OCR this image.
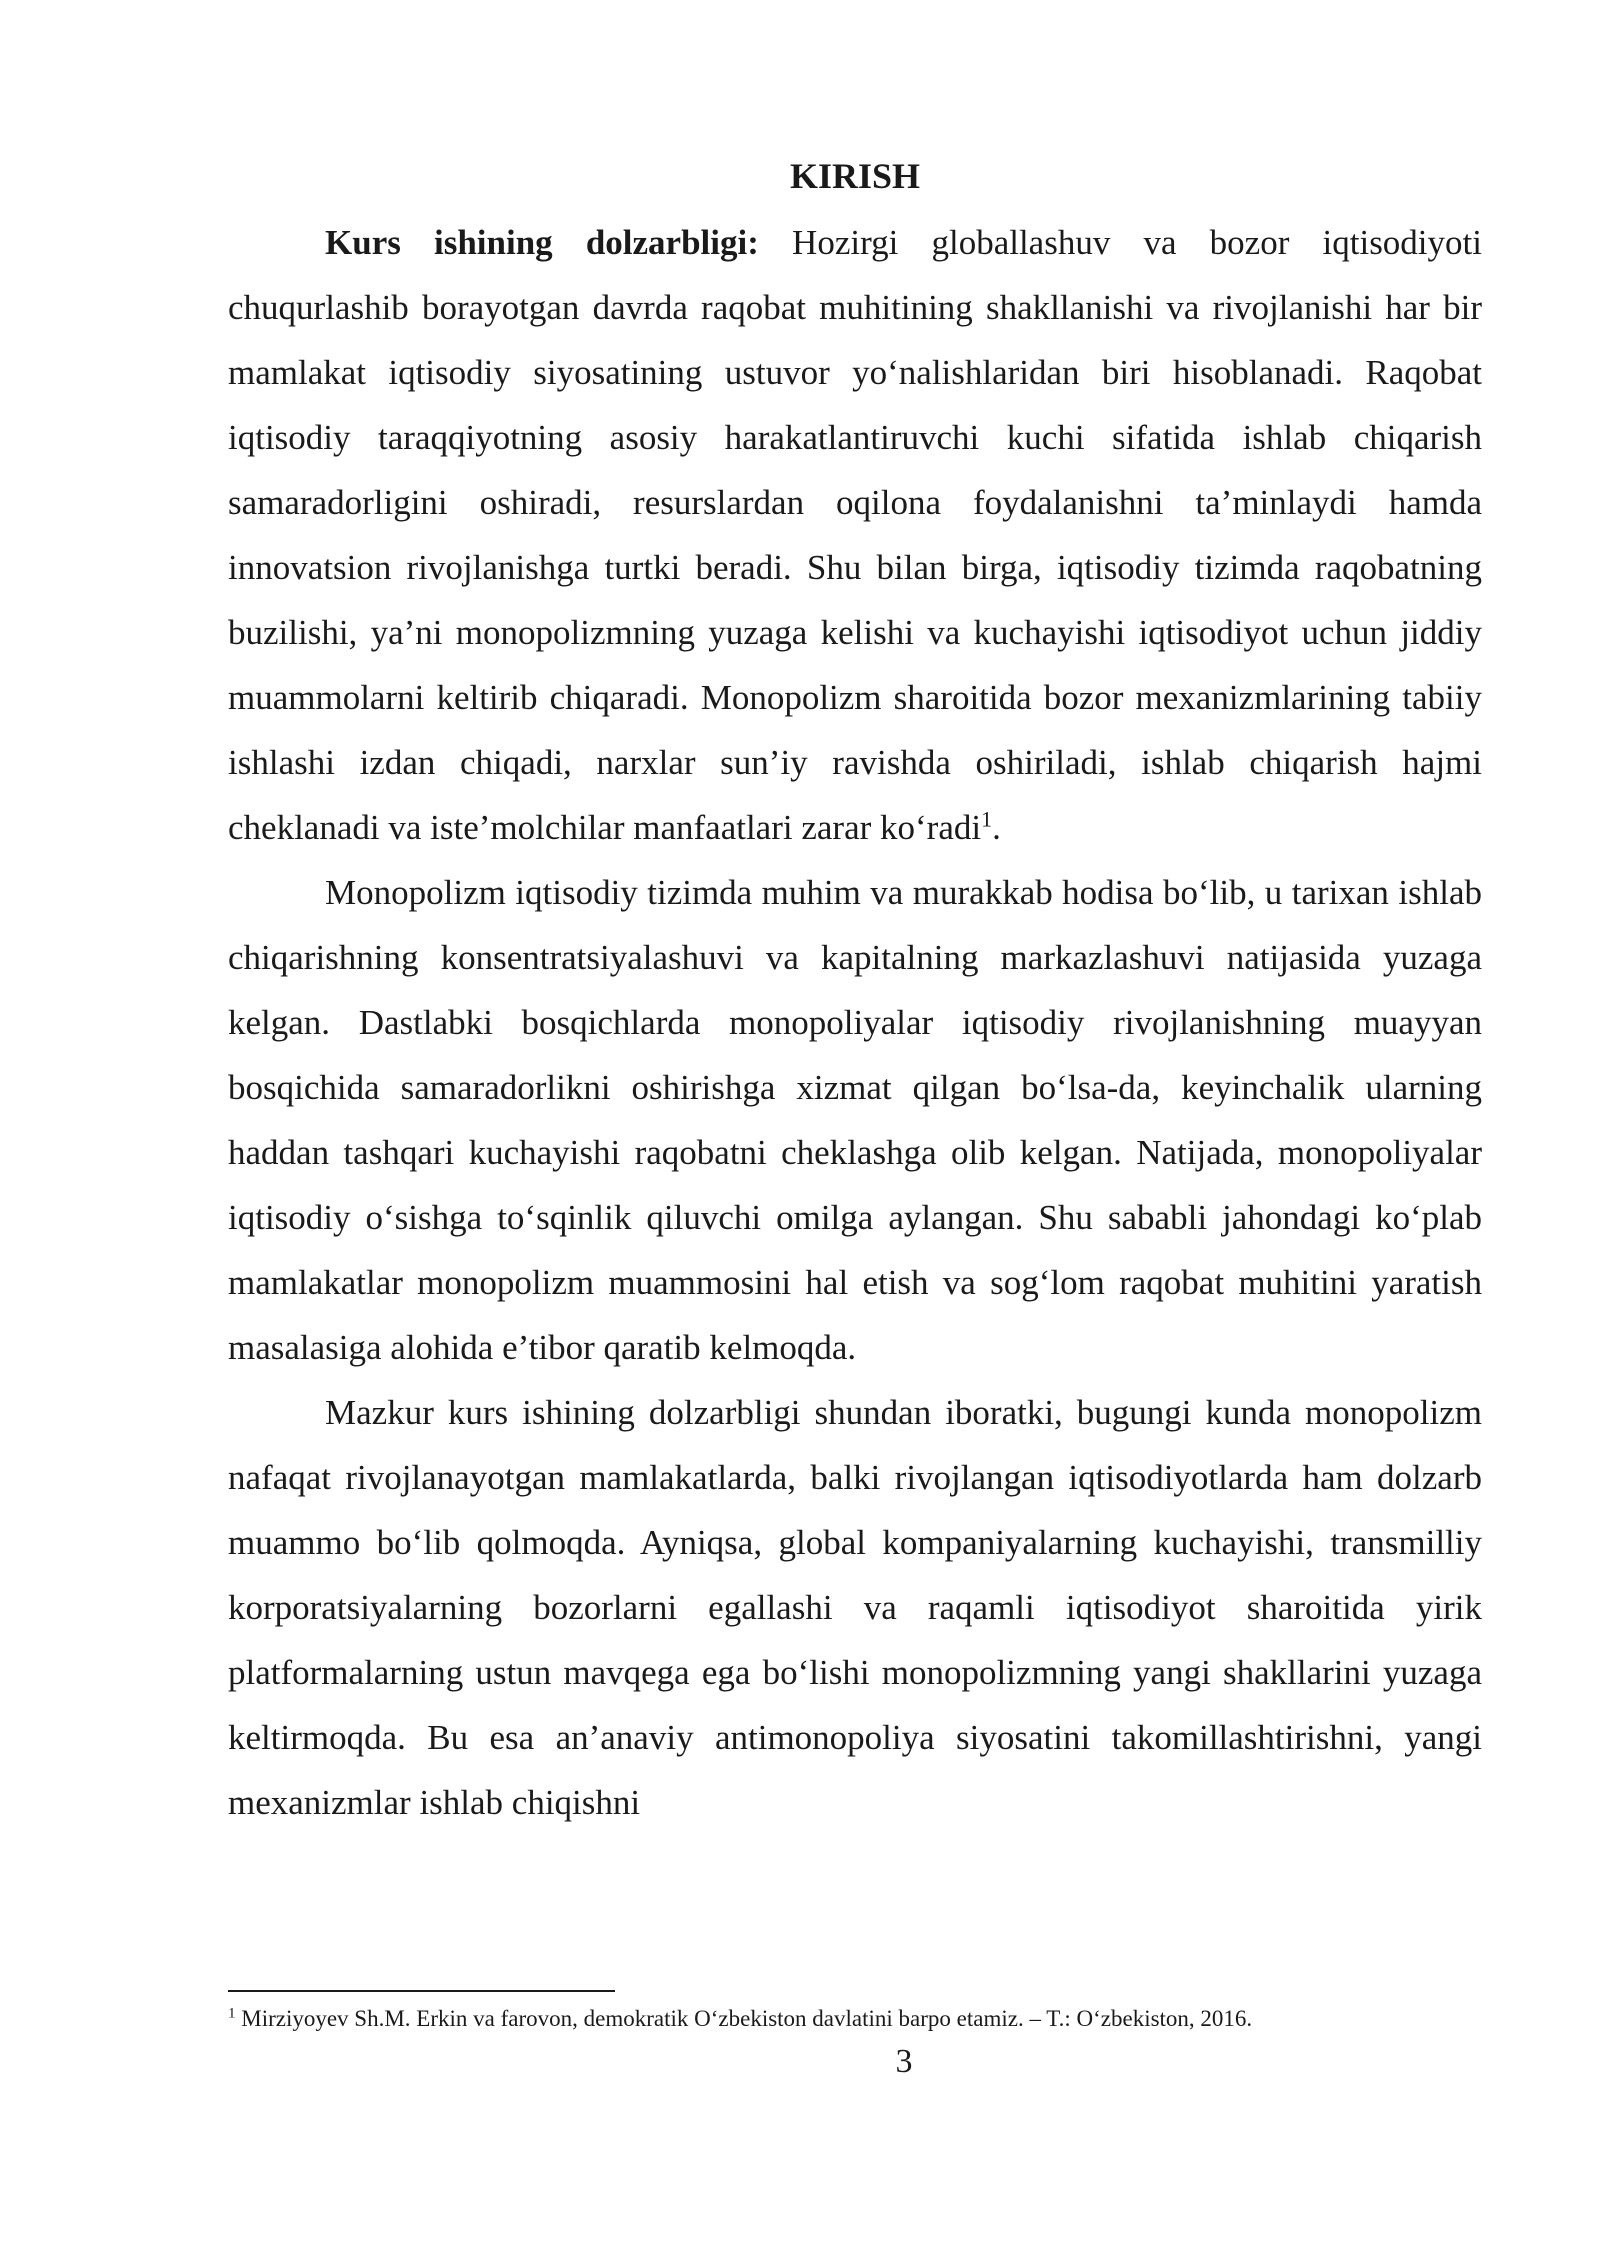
KIRISH

Kurs ishining dolzarbligi: Hozirgi globallashuv va bozor iqtisodiyoti chuqurlashib borayotgan davrda raqobat muhitining shakllanishi va rivojlanishi har bir mamlakat iqtisodiy siyosatining ustuvor yo‘nalishlaridan biri hisoblanadi. Raqobat iqtisodiy taraqqiyotning asosiy harakatlantiruvchi kuchi sifatida ishlab chiqarish samaradorligini oshiradi, resurslardan oqilona foydalanishni ta’minlaydi hamda innovatsion rivojlanishga turtki beradi. Shu bilan birga, iqtisodiy tizimda raqobatning buzilishi, ya’ni monopolizmning yuzaga kelishi va kuchayishi iqtisodiyot uchun jiddiy muammolarni keltirib chiqaradi. Monopolizm sharoitida bozor mexanizmlarining tabiiy ishlashi izdan chiqadi, narxlar sun’iy ravishda oshiriladi, ishlab chiqarish hajmi cheklanadi va iste’molchilar manfaatlari zarar ko‘radi$^1$.

Monopolizm iqtisodiy tizimda muhim va murakkab hodisa bo‘lib, u tarixan ishlab chiqarishning konsentratsiyalashuvi va kapitalning markazlashuvi natijasida yuzaga kelgan. Dastlabki bosqichlarda monopoliyalar iqtisodiy rivojlanishning muayyan bosqichida samaradorlikni oshirishga xizmat qilgan bo‘lsa-da, keyinchalik ularning haddan tashqari kuchayishi raqobatni cheklashga olib kelgan. Natijada, monopoliyalar iqtisodiy o‘sishga to‘sqinlik qiluvchi omilga aylangan. Shu sababli jahondagi ko‘plab mamlakatlar monopolizm muammosini hal etish va sog‘lom raqobat muhitini yaratish masalasiga alohida e’tibor qaratib kelmoqda.

Mazkur kurs ishining dolzarbligi shundan iboratki, bugungi kunda monopolizm nafaqat rivojlanayotgan mamlakatlarda, balki rivojlangan iqtisodiyotlarda ham dolzarb muammo bo‘lib qolmoqda. Ayniqsa, global kompaniyalarning kuchayishi, transmilliy korporatsiyalarning bozorlarni egallashi va raqamli iqtisodiyot sharoitida yirik platformalarning ustun mavqega ega bo‘lishi monopolizmning yangi shakllarini yuzaga keltirmoqda. Bu esa an’anaviy antimonopoliya siyosatini takomillashtirishni, yangi mexanizmlar ishlab chiqishni

$^1$ Mirziyoyev Sh.M. Erkin va farovon, demokratik O‘zbekiston davlatini barpo etamiz. – T.: O‘zbekiston, 2016.
3
